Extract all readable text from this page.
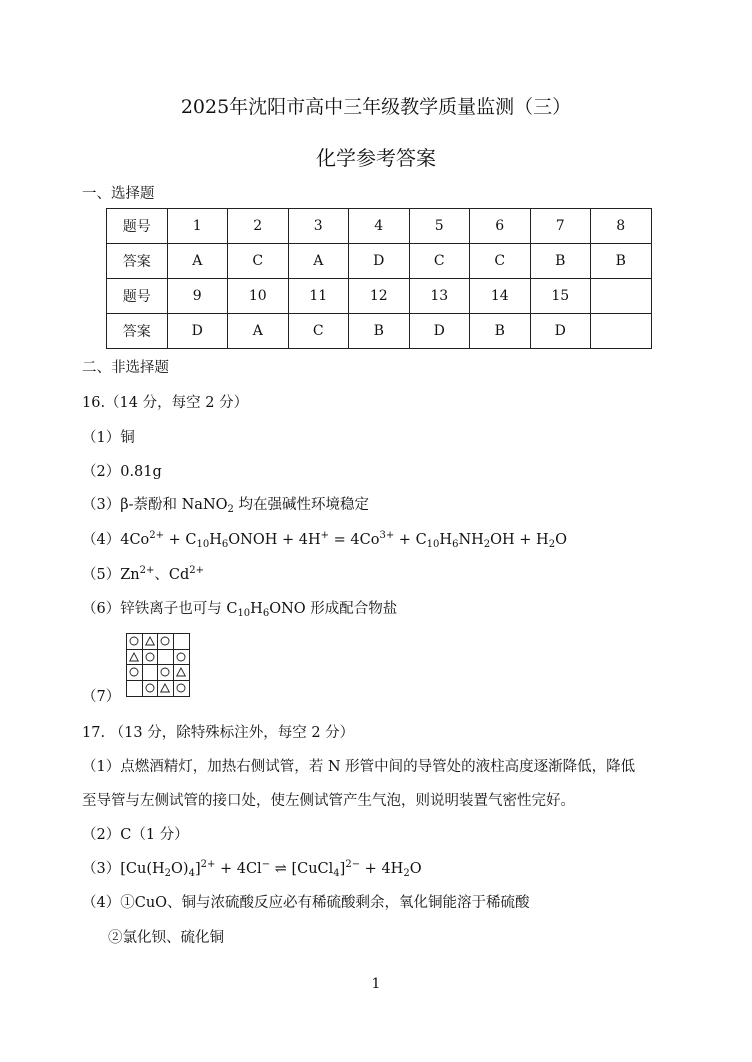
2025年沈阳市高中三年级教学质量监测（三）
化学参考答案
一、选择题
题号	1	2	3	4	5	6	7	8
答案	A	C	A	D	C	C	B	B
题号	9	10	11	12	13	14	15	
答案	D	A	C	B	D	B	D	
二、非选择题
16.（14 分，每空 2 分）
（1）铜
（2）0.81g
（3）β-萘酚和 NaNO$_2$ 均在强碱性环境稳定
$(4)4Co^{2+}$ + $C_{10}H_6ONOH + 4H^+ = 4Co^{3+} + C_{10}H_6NH_2OH + H_2O$
$(5)Zn^{2+}$、$Cd^{2+}$
（6）锌铁离子也可与 $C_{10}H_6ONO$ 形成配合物盐
（7）
17. （13 分，除特殊标注外，每空 2 分）
（1）点燃酒精灯，加热右侧试管，若 N 形管中间的导管处的液柱高度逐渐降低，降低
至导管与左侧试管的接口处，使左侧试管产生气泡，则说明装置气密性完好。
（2）C（1 分）
$(3)[Cu(H_2O)_4]^{2+} + 4Cl^-$ ⇌ [CuCl$_4$]$^{2-}$ + $4H_2O$
（4）①CuO、铜与浓硫酸反应必有稀硫酸剩余，氧化铜能溶于稀硫酸
②氯化钡、硫化铜
1
